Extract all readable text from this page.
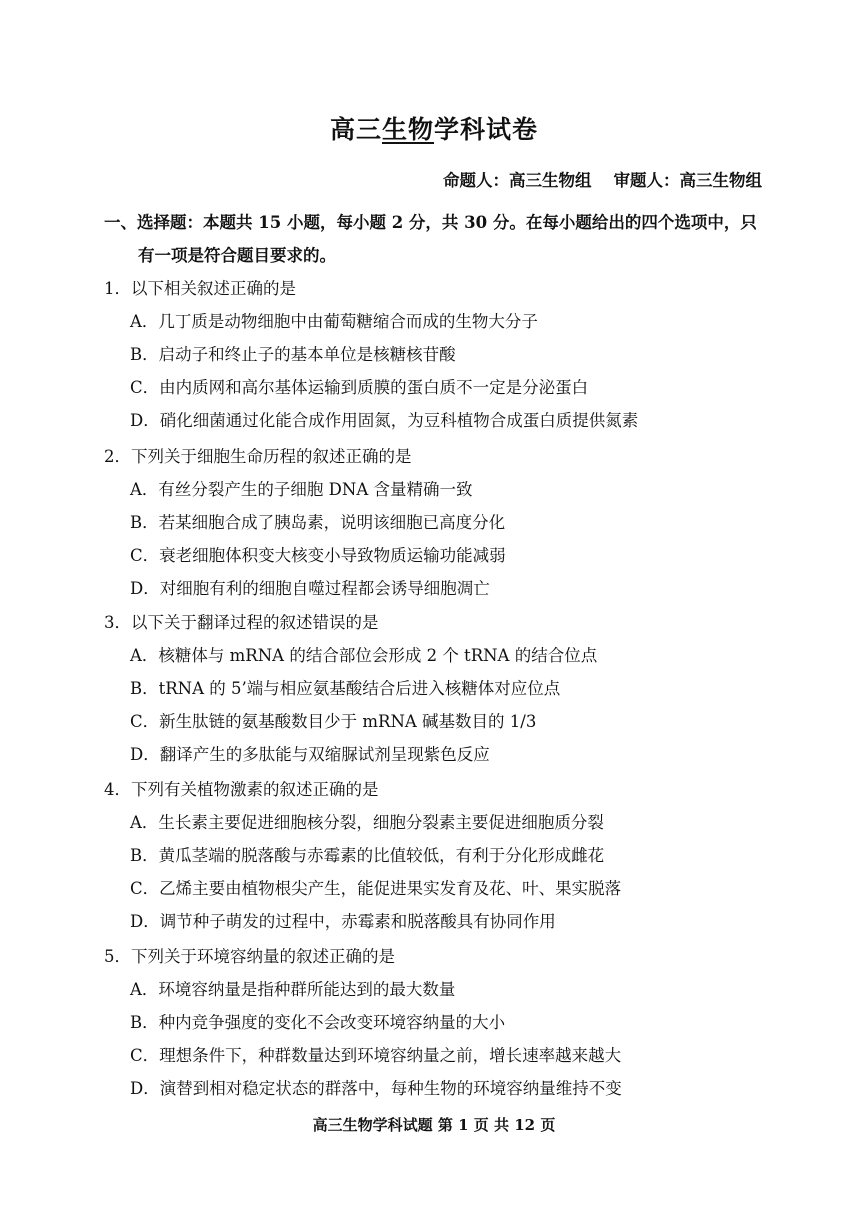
高三生物学科试卷
命题人：高三生物组 审题人：高三生物组
一、选择题：本题共 15 小题，每小题 2 分，共 30 分。在每小题给出的四个选项中，只
有一项是符合题目要求的。
1．以下相关叙述正确的是
A．几丁质是动物细胞中由葡萄糖缩合而成的生物大分子
B．启动子和终止子的基本单位是核糖核苷酸
C．由内质网和高尔基体运输到质膜的蛋白质不一定是分泌蛋白
D．硝化细菌通过化能合成作用固氮，为豆科植物合成蛋白质提供氮素
2．下列关于细胞生命历程的叙述正确的是
A．有丝分裂产生的子细胞 DNA 含量精确一致
B．若某细胞合成了胰岛素，说明该细胞已高度分化
C．衰老细胞体积变大核变小导致物质运输功能减弱
D．对细胞有利的细胞自噬过程都会诱导细胞凋亡
3．以下关于翻译过程的叙述错误的是
A．核糖体与 mRNA 的结合部位会形成 2 个 tRNA 的结合位点
B．tRNA 的 5’端与相应氨基酸结合后进入核糖体对应位点
C．新生肽链的氨基酸数目少于 mRNA 碱基数目的 1/3
D．翻译产生的多肽能与双缩脲试剂呈现紫色反应
4．下列有关植物激素的叙述正确的是
A．生长素主要促进细胞核分裂，细胞分裂素主要促进细胞质分裂
B．黄瓜茎端的脱落酸与赤霉素的比值较低，有利于分化形成雌花
C．乙烯主要由植物根尖产生，能促进果实发育及花、叶、果实脱落
D．调节种子萌发的过程中，赤霉素和脱落酸具有协同作用
5．下列关于环境容纳量的叙述正确的是
A．环境容纳量是指种群所能达到的最大数量
B．种内竞争强度的变化不会改变环境容纳量的大小
C．理想条件下，种群数量达到环境容纳量之前，增长速率越来越大
D．演替到相对稳定状态的群落中，每种生物的环境容纳量维持不变
高三生物学科试题 第 1 页 共 12 页
